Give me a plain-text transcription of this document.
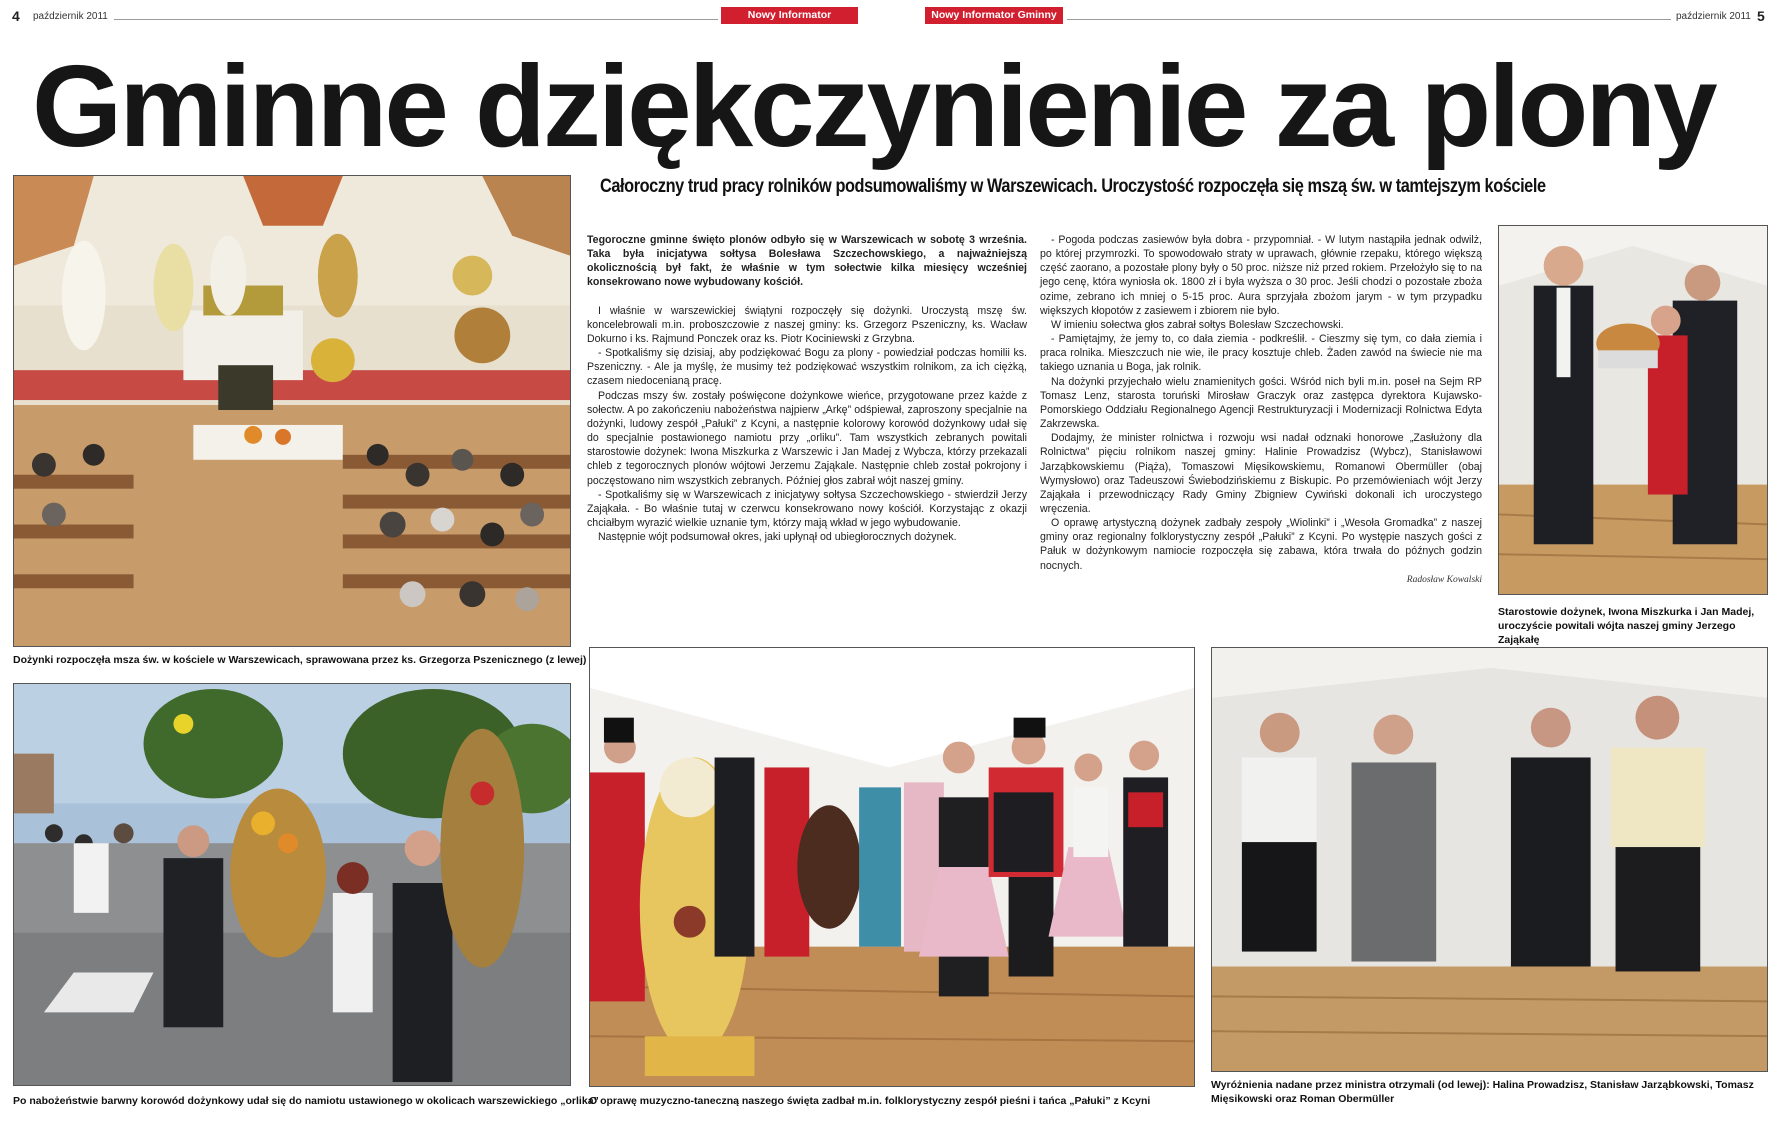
4 październik 2011	Nowy Informator Gminny
Nowy Informator Gminny	październik 2011 5
Gminne dziękczynienie za plony
Całoroczny trud pracy rolników podsumowaliśmy w Warszewicach. Uroczystość rozpoczęła się mszą św. w tamtejszym kościele
Dożynki rozpoczęła msza św. w kościele w Warszewicach, sprawowana przez ks. Grzegorza Pszenicznego (z lewej)

Tegoroczne gminne święto plonów odbyło się w Warszewicach w sobotę 3 września. Taka była inicjatywa sołtysa Bolesława Szczechowskiego, a najważniejszą okolicznością był fakt, że właśnie w tym sołectwie kilka miesięcy wcześniej konsekrowano nowe wybudowany kościół.

I właśnie w warszewickiej świątyni rozpoczęły się dożynki. Uroczystą mszę św. koncelebrowali m.in. proboszczowie z naszej gminy: ks. Grzegorz Pszeniczny, ks. Wacław Dokurno i ks. Rajmund Ponczek oraz ks. Piotr Kociniewski z Grzybna.

- Spotkaliśmy się dzisiaj, aby podziękować Bogu za plony - powiedział podczas homilii ks. Pszeniczny. - Ale ja myślę, że musimy też podziękować wszystkim rolnikom, za ich ciężką, czasem niedocenianą pracę.

Podczas mszy św. zostały poświęcone dożynkowe wieńce, przygotowane przez każde z sołectw. A po zakończeniu nabożeństwa najpierw „Arkę” odśpiewał, zaproszony specjalnie na dożynki, ludowy zespół „Pałuki” z Kcyni, a następnie kolorowy korowód dożynkowy udał się do specjalnie postawionego namiotu przy „orliku”. Tam wszystkich zebranych powitali starostowie dożynek: Iwona Miszkurka z Warszewic i Jan Madej z Wybcza, którzy przekazali chleb z tegorocznych plonów wójtowi Jerzemu Zająkale. Następnie chleb został pokrojony i poczęstowano nim wszystkich zebranych. Później głos zabrał wójt naszej gminy.

- Spotkaliśmy się w Warszewicach z inicjatywy sołtysa Szczechowskiego - stwierdził Jerzy Zająkała. - Bo właśnie tutaj w czerwcu konsekrowano nowy kościół. Korzystając z okazji chciałbym wyrazić wielkie uznanie tym, którzy mają wkład w jego wybudowanie.

Następnie wójt podsumował okres, jaki upłynął od ubiegłorocznych dożynek.

- Pogoda podczas zasiewów była dobra - przypomniał. - W lutym nastąpiła jednak odwilż, po której przymrozki. To spowodowało straty w uprawach, głównie rzepaku, którego większą część zaorano, a pozostałe plony były o 50 proc. niższe niż przed rokiem. Przełożyło się to na jego cenę, która wyniosła ok. 1800 zł i była wyższa o 30 proc. Jeśli chodzi o pozostałe zboża ozime, zebrano ich mniej o 5-15 proc. Aura sprzyjała zbożom jarym - w tym przypadku większych kłopotów z zasiewem i zbiorem nie było.

W imieniu sołectwa głos zabrał sołtys Bolesław Szczechowski.

- Pamiętajmy, że jemy to, co dała ziemia - podkreślił. - Cieszmy się tym, co dała ziemia i praca rolnika. Mieszczuch nie wie, ile pracy kosztuje chleb. Żaden zawód na świecie nie ma takiego uznania u Boga, jak rolnik.

Na dożynki przyjechało wielu znamienitych gości. Wśród nich byli m.in. poseł na Sejm RP Tomasz Lenz, starosta toruński Mirosław Graczyk oraz zastępca dyrektora Kujawsko-Pomorskiego Oddziału Regionalnego Agencji Restrukturyzacji i Modernizacji Rolnictwa Edyta Zakrzewska.

Dodajmy, że minister rolnictwa i rozwoju wsi nadał odznaki honorowe „Zasłużony dla Rolnictwa” pięciu rolnikom naszej gminy: Halinie Prowadzisz (Wybcz), Stanisławowi Jarząbkowskiemu (Piąża), Tomaszowi Mięsikowskiemu, Romanowi Obermüller (obaj Wymysłowo) oraz Tadeuszowi Świebodzińskiemu z Biskupic. Po przemówieniach wójt Jerzy Zająkała i przewodniczący Rady Gminy Zbigniew Cywiński dokonali ich uroczystego wręczenia.

O oprawę artystyczną dożynek zadbały zespoły „Wiolinki” i „Wesoła Gromadka” z naszej gminy oraz regionalny folklorystyczny zespół „Pałuki” z Kcyni. Po występie naszych gości z Pałuk w dożynkowym namiocie rozpoczęła się zabawa, która trwała do późnych godzin nocnych.

Radosław Kowalski
Starostowie dożynek, Iwona Miszkurka i Jan Madej, uroczyście powitali wójta naszej gminy Jerzego Zająkałę
Po nabożeństwie barwny korowód dożynkowy udał się do namiotu ustawionego w okolicach warszewickiego „orlika”
O oprawę muzyczno-taneczną naszego święta zadbał m.in. folklorystyczny zespół pieśni i tańca „Pałuki” z Kcyni
Wyróżnienia nadane przez ministra otrzymali (od lewej): Halina Prowadzisz, Stanisław Jarząbkowski, Tomasz Mięsikowski oraz Roman Obermüller
